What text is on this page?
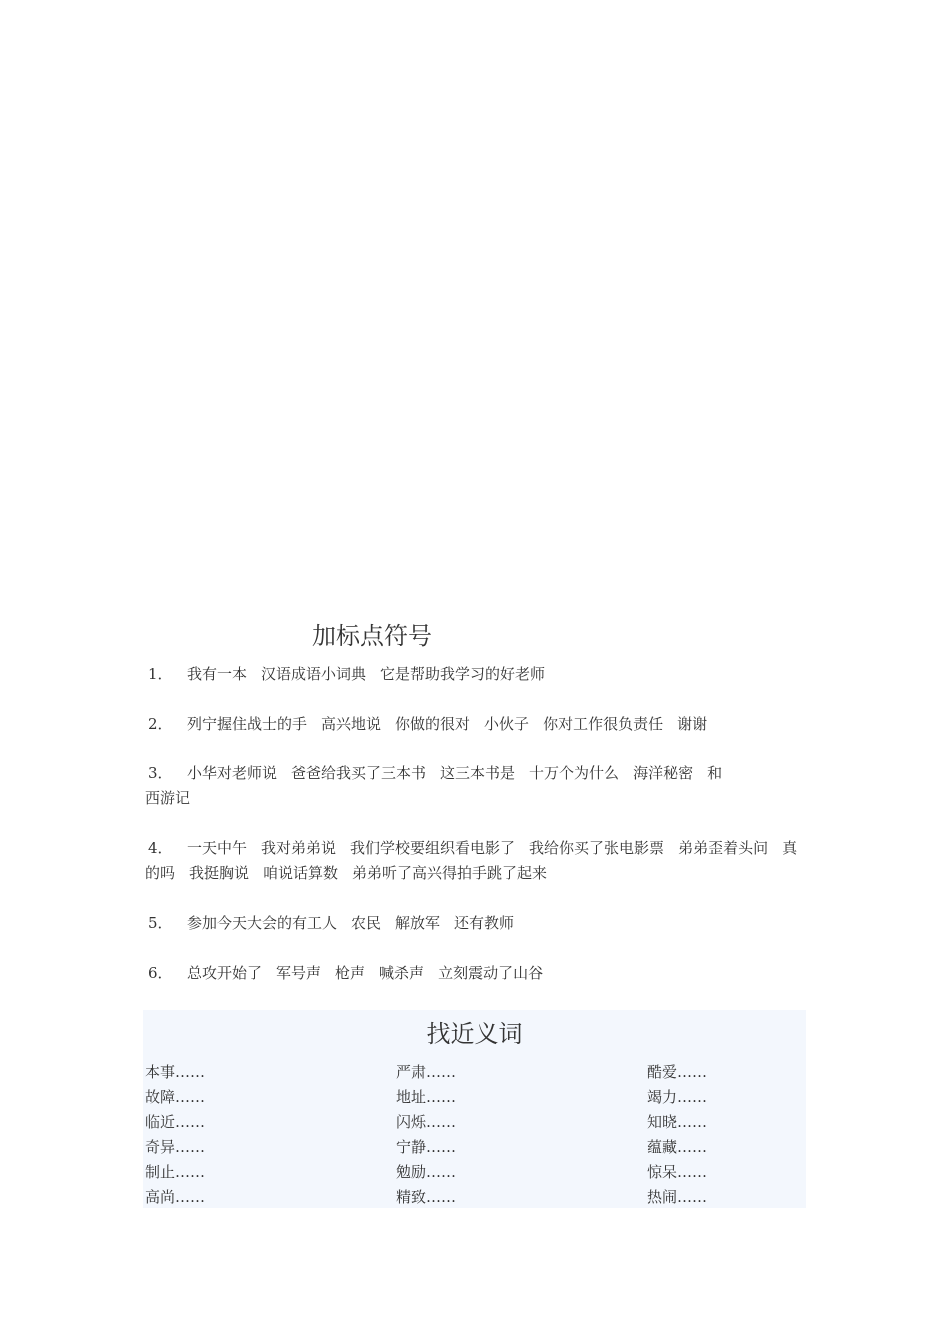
加标点符号
1． 我有一本 汉语成语小词典 它是帮助我学习的好老师
2． 列宁握住战士的手 高兴地说 你做的很对 小伙子 你对工作很负责任 谢谢
3． 小华对老师说 爸爸给我买了三本书 这三本书是 十万个为什么 海洋秘密 和
西游记
4． 一天中午 我对弟弟说 我们学校要组织看电影了 我给你买了张电影票 弟弟歪着头问 真的吗 我挺胸说 咱说话算数 弟弟听了高兴得拍手跳了起来
5． 参加今天大会的有工人 农民 解放军 还有教师
6． 总攻开始了 军号声 枪声 喊杀声 立刻震动了山谷
找近义词
本事……
故障……
临近……
奇异……
制止……
高尚……
严肃……
地址……
闪烁……
宁静……
勉励……
精致……
酷爱……
竭力……
知晓……
蕴藏……
惊呆……
热闹……
